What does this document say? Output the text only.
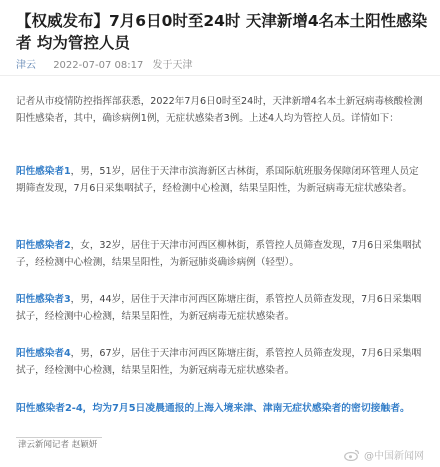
【权威发布】7月6日0时至24时 天津新增4名本土阳性感染者 均为管控人员
津云 2022-07-07 08:17 发于天津

记者从市疫情防控指挥部获悉，2022年7月6日0时至24时，天津新增4名本土新冠病毒核酸检测阳性感染者，其中，确诊病例1例，无症状感染者3例。上述4人均为管控人员。详情如下：

阳性感染者1，男，51岁，居住于天津市滨海新区古林街，系国际航班服务保障闭环管理人员定期筛查发现，7月6日采集咽拭子，经检测中心检测，结果呈阳性，为新冠病毒无症状感染者。

阳性感染者2，女，32岁，居住于天津市河西区柳林街，系管控人员筛查发现，7月6日采集咽拭子，经检测中心检测，结果呈阳性，为新冠肺炎确诊病例（轻型）。

阳性感染者3，男，44岁，居住于天津市河西区陈塘庄街，系管控人员筛查发现，7月6日采集咽拭子，经检测中心检测，结果呈阳性，为新冠病毒无症状感染者。

阳性感染者4，男，67岁，居住于天津市河西区陈塘庄街，系管控人员筛查发现，7月6日采集咽拭子，经检测中心检测，结果呈阳性，为新冠病毒无症状感染者。

阳性感染者2-4，均为7月5日凌晨通报的上海入境来津、津南无症状感染者的密切接触者。

津云新闻记者 赵颖妍
@中国新闻网
